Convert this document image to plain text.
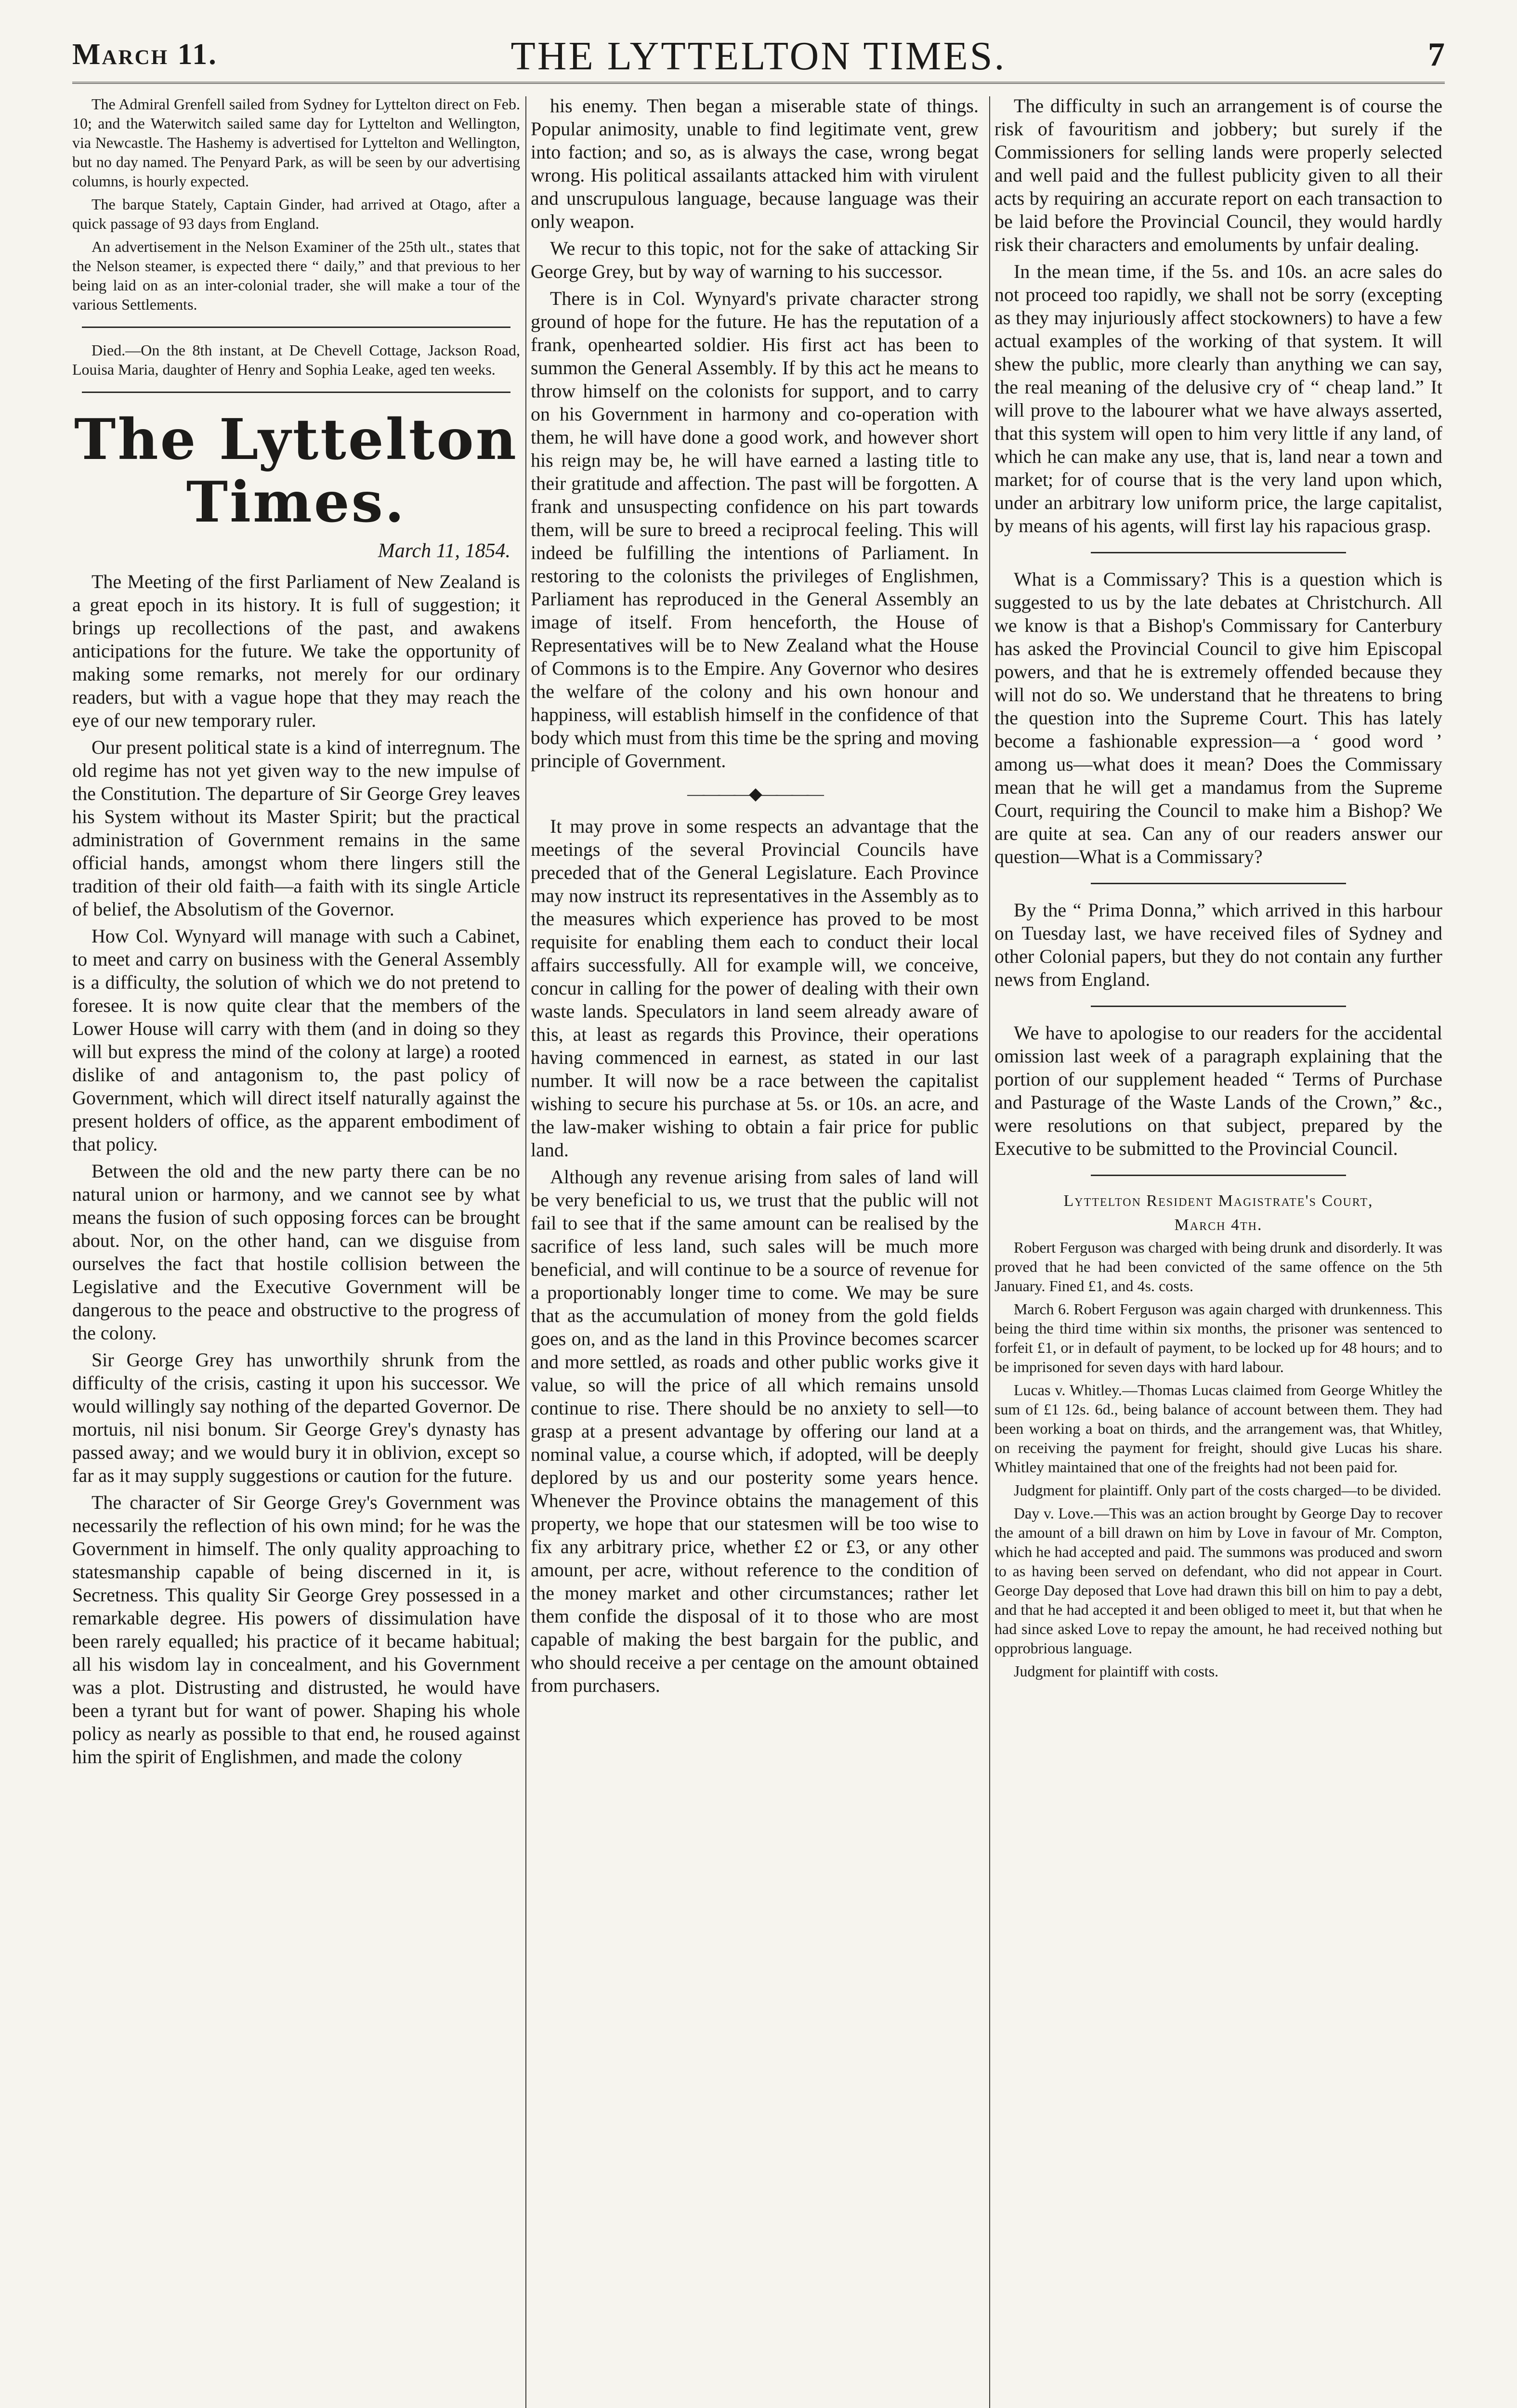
March 11.	THE LYTTELTON TIMES.	7

The Admiral Grenfell sailed from Sydney for Lyttelton direct on Feb. 10; and the Waterwitch sailed same day for Lyttelton and Wellington, via Newcastle. The Hashemy is advertised for Lyttelton and Wellington, but no day named. The Penyard Park, as will be seen by our advertising columns, is hourly expected.

The barque Stately, Captain Ginder, had arrived at Otago, after a quick passage of 93 days from England.

An advertisement in the Nelson Examiner of the 25th ult., states that the Nelson steamer, is expected there “ daily,” and that previous to her being laid on as an inter-colonial trader, she will make a tour of the various Settlements.

Died.—On the 8th instant, at De Chevell Cottage, Jackson Road, Louisa Maria, daughter of Henry and Sophia Leake, aged ten weeks.

The Lyttelton Times.
March 11, 1854.

The Meeting of the first Parliament of New Zealand is a great epoch in its history. It is full of suggestion; it brings up recollections of the past, and awakens anticipations for the future. We take the opportunity of making some remarks, not merely for our ordinary readers, but with a vague hope that they may reach the eye of our new temporary ruler.

Our present political state is a kind of interregnum. The old regime has not yet given way to the new impulse of the Constitution. The departure of Sir George Grey leaves his System without its Master Spirit; but the practical administration of Government remains in the same official hands, amongst whom there lingers still the tradition of their old faith—a faith with its single Article of belief, the Absolutism of the Governor.

How Col. Wynyard will manage with such a Cabinet, to meet and carry on business with the General Assembly is a difficulty, the solution of which we do not pretend to foresee. It is now quite clear that the members of the Lower House will carry with them (and in doing so they will but express the mind of the colony at large) a rooted dislike of and antagonism to, the past policy of Government, which will direct itself naturally against the present holders of office, as the apparent embodiment of that policy.

Between the old and the new party there can be no natural union or harmony, and we cannot see by what means the fusion of such opposing forces can be brought about. Nor, on the other hand, can we disguise from ourselves the fact that hostile collision between the Legislative and the Executive Government will be dangerous to the peace and obstructive to the progress of the colony.

Sir George Grey has unworthily shrunk from the difficulty of the crisis, casting it upon his successor. We would willingly say nothing of the departed Governor. De mortuis, nil nisi bonum. Sir George Grey's dynasty has passed away; and we would bury it in oblivion, except so far as it may supply suggestions or caution for the future.

The character of Sir George Grey's Government was necessarily the reflection of his own mind; for he was the Government in himself. The only quality approaching to statesmanship capable of being discerned in it, is Secretness. This quality Sir George Grey possessed in a remarkable degree. His powers of dissimulation have been rarely equalled; his practice of it became habitual; all his wisdom lay in concealment, and his Government was a plot. Distrusting and distrusted, he would have been a tyrant but for want of power. Shaping his whole policy as nearly as possible to that end, he roused against him the spirit of Englishmen, and made the colony

his enemy. Then began a miserable state of things. Popular animosity, unable to find legitimate vent, grew into faction; and so, as is always the case, wrong begat wrong. His political assailants attacked him with virulent and unscrupulous language, because language was their only weapon.

We recur to this topic, not for the sake of attacking Sir George Grey, but by way of warning to his successor.

There is in Col. Wynyard's private character strong ground of hope for the future. He has the reputation of a frank, openhearted soldier. His first act has been to summon the General Assembly. If by this act he means to throw himself on the colonists for support, and to carry on his Government in harmony and co-operation with them, he will have done a good work, and however short his reign may be, he will have earned a lasting title to their gratitude and affection. The past will be forgotten. A frank and unsuspecting confidence on his part towards them, will be sure to breed a reciprocal feeling. This will indeed be fulfilling the intentions of Parliament. In restoring to the colonists the privileges of Englishmen, Parliament has reproduced in the General Assembly an image of itself. From henceforth, the House of Representatives will be to New Zealand what the House of Commons is to the Empire. Any Governor who desires the welfare of the colony and his own honour and happiness, will establish himself in the confidence of that body which must from this time be the spring and moving principle of Government.

————◆————

It may prove in some respects an advantage that the meetings of the several Provincial Councils have preceded that of the General Legislature. Each Province may now instruct its representatives in the Assembly as to the measures which experience has proved to be most requisite for enabling them each to conduct their local affairs successfully. All for example will, we conceive, concur in calling for the power of dealing with their own waste lands. Speculators in land seem already aware of this, at least as regards this Province, their operations having commenced in earnest, as stated in our last number. It will now be a race between the capitalist wishing to secure his purchase at 5s. or 10s. an acre, and the law-maker wishing to obtain a fair price for public land.

Although any revenue arising from sales of land will be very beneficial to us, we trust that the public will not fail to see that if the same amount can be realised by the sacrifice of less land, such sales will be much more beneficial, and will continue to be a source of revenue for a proportionably longer time to come. We may be sure that as the accumulation of money from the gold fields goes on, and as the land in this Province becomes scarcer and more settled, as roads and other public works give it value, so will the price of all which remains unsold continue to rise. There should be no anxiety to sell—to grasp at a present advantage by offering our land at a nominal value, a course which, if adopted, will be deeply deplored by us and our posterity some years hence. Whenever the Province obtains the management of this property, we hope that our statesmen will be too wise to fix any arbitrary price, whether £2 or £3, or any other amount, per acre, without reference to the condition of the money market and other circumstances; rather let them confide the disposal of it to those who are most capable of making the best bargain for the public, and who should receive a per centage on the amount obtained from purchasers.

The difficulty in such an arrangement is of course the risk of favouritism and jobbery; but surely if the Commissioners for selling lands were properly selected and well paid and the fullest publicity given to all their acts by requiring an accurate report on each transaction to be laid before the Provincial Council, they would hardly risk their characters and emoluments by unfair dealing.

In the mean time, if the 5s. and 10s. an acre sales do not proceed too rapidly, we shall not be sorry (excepting as they may injuriously affect stockowners) to have a few actual examples of the working of that system. It will shew the public, more clearly than anything we can say, the real meaning of the delusive cry of “ cheap land.” It will prove to the labourer what we have always asserted, that this system will open to him very little if any land, of which he can make any use, that is, land near a town and market; for of course that is the very land upon which, under an arbitrary low uniform price, the large capitalist, by means of his agents, will first lay his rapacious grasp.

What is a Commissary? This is a question which is suggested to us by the late debates at Christchurch. All we know is that a Bishop's Commissary for Canterbury has asked the Provincial Council to give him Episcopal powers, and that he is extremely offended because they will not do so. We understand that he threatens to bring the question into the Supreme Court. This has lately become a fashionable expression—a ‘ good word ’ among us—what does it mean? Does the Commissary mean that he will get a mandamus from the Supreme Court, requiring the Council to make him a Bishop? We are quite at sea. Can any of our readers answer our question—What is a Commissary?

By the “ Prima Donna,” which arrived in this harbour on Tuesday last, we have received files of Sydney and other Colonial papers, but they do not contain any further news from England.

We have to apologise to our readers for the accidental omission last week of a paragraph explaining that the portion of our supplement headed “ Terms of Purchase and Pasturage of the Waste Lands of the Crown,” &c., were resolutions on that subject, prepared by the Executive to be submitted to the Provincial Council.

Lyttelton Resident Magistrate's Court,
March 4th.

Robert Ferguson was charged with being drunk and disorderly. It was proved that he had been convicted of the same offence on the 5th January. Fined £1, and 4s. costs.

March 6. Robert Ferguson was again charged with drunkenness. This being the third time within six months, the prisoner was sentenced to forfeit £1, or in default of payment, to be locked up for 48 hours; and to be imprisoned for seven days with hard labour.

Lucas v. Whitley.—Thomas Lucas claimed from George Whitley the sum of £1 12s. 6d., being balance of account between them. They had been working a boat on thirds, and the arrangement was, that Whitley, on receiving the payment for freight, should give Lucas his share. Whitley maintained that one of the freights had not been paid for.

Judgment for plaintiff. Only part of the costs charged—to be divided.

Day v. Love.—This was an action brought by George Day to recover the amount of a bill drawn on him by Love in favour of Mr. Compton, which he had accepted and paid. The summons was produced and sworn to as having been served on defendant, who did not appear in Court. George Day deposed that Love had drawn this bill on him to pay a debt, and that he had accepted it and been obliged to meet it, but that when he had since asked Love to repay the amount, he had received nothing but opprobrious language.

Judgment for plaintiff with costs.
